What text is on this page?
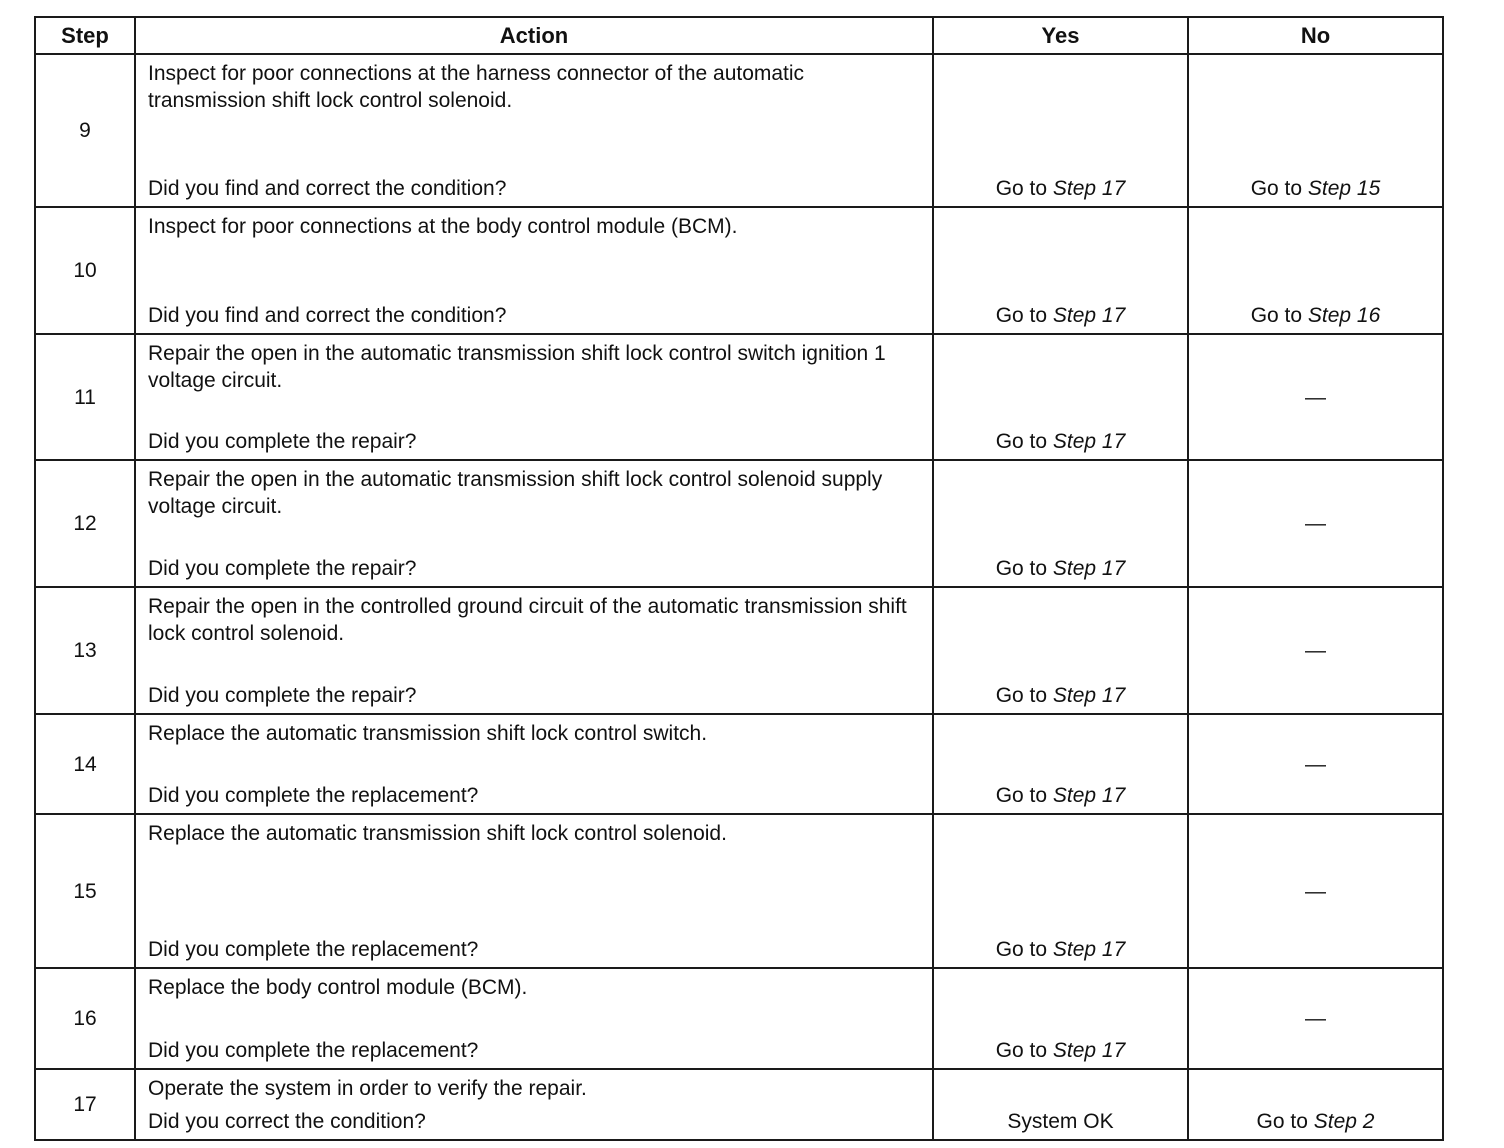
Step	Action	Yes	No
9	Inspect for poor connections at the harness connector of the automatic transmission shift lock control solenoid.
Did you find and correct the condition?	Go to Step 17	Go to Step 15
10	Inspect for poor connections at the body control module (BCM).
Did you find and correct the condition?	Go to Step 17	Go to Step 16
11	Repair the open in the automatic transmission shift lock control switch ignition 1 voltage circuit.
Did you complete the repair?	Go to Step 17	—
12	Repair the open in the automatic transmission shift lock control solenoid supply voltage circuit.
Did you complete the repair?	Go to Step 17	—
13	Repair the open in the controlled ground circuit of the automatic transmission shift lock control solenoid.
Did you complete the repair?	Go to Step 17	—
14	Replace the automatic transmission shift lock control switch.
Did you complete the replacement?	Go to Step 17	—
15	Replace the automatic transmission shift lock control solenoid.
Did you complete the replacement?	Go to Step 17	—
16	Replace the body control module (BCM).
Did you complete the replacement?	Go to Step 17	—
17	Operate the system in order to verify the repair.
Did you correct the condition?	System OK	Go to Step 2
